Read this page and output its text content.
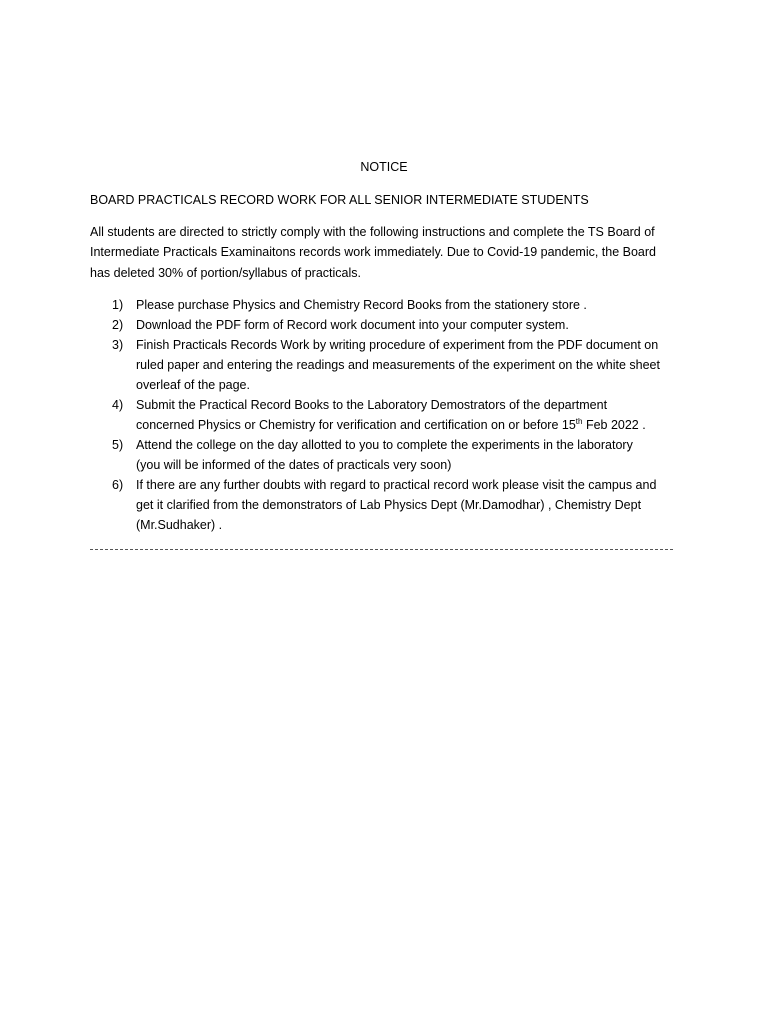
NOTICE
BOARD PRACTICALS RECORD WORK FOR ALL SENIOR INTERMEDIATE STUDENTS
All students are directed to strictly comply with the following instructions and complete the TS Board of
Intermediate Practicals Examinaitons records work immediately. Due to Covid-19 pandemic, the Board
has deleted 30% of portion/syllabus of practicals.
1) Please purchase Physics and Chemistry Record Books from the stationery store .
2) Download the PDF form of Record work document into your computer system.
3) Finish Practicals Records Work by writing procedure of experiment from the PDF document on
ruled paper and entering the readings and measurements of the experiment on the white sheet
overleaf of the page.
4) Submit the Practical Record Books to the Laboratory Demostrators of the department
concerned Physics or Chemistry for verification and certification on or before 15th Feb 2022 .
5) Attend the college on the day allotted to you to complete the experiments in the laboratory
(you will be informed of the dates of practicals very soon)
6) If there are any further doubts with regard to practical record work please visit the campus and
get it clarified from the demonstrators of Lab Physics Dept (Mr.Damodhar) , Chemistry Dept
(Mr.Sudhaker) .
